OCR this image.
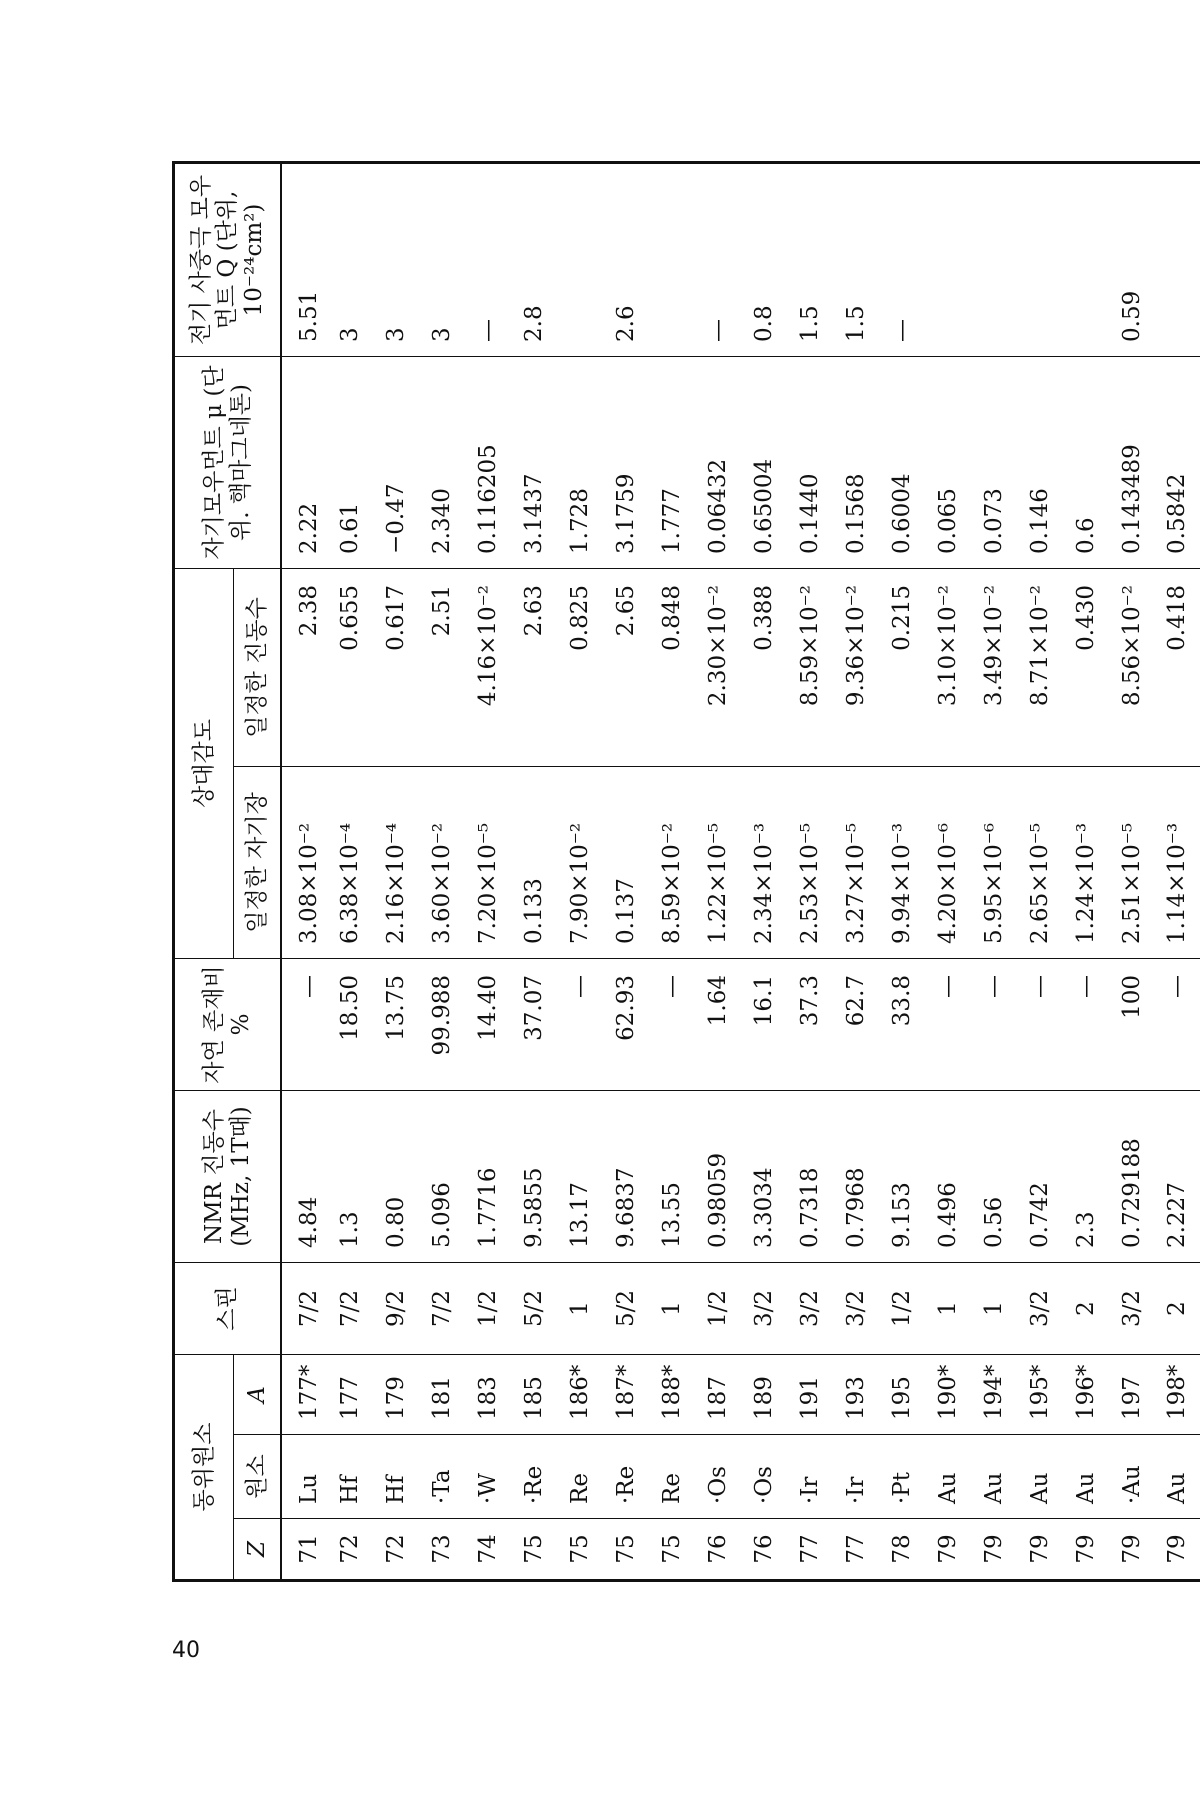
40
동위원소			스핀	NMR 진동수 (MHz, 1T때)	자연 존재비 %	상대감도		자기모우먼트 μ (단위. 핵마그네톤)	전기 사중극 모우먼트 Q (단위, 10⁻²⁴cm²)
Z	원소	A				일정한 자기장	일정한 진동수		
71	Lu	177*	7/2	4.84	—	3.08×10⁻²	2.38	2.22	5.51
72	Hf	177	7/2	1.3	18.50	6.38×10⁻⁴	0.655	0.61	3
72	Hf	179	9/2	0.80	13.75	2.16×10⁻⁴	0.617	−0.47	3
73	·Ta	181	7/2	5.096	99.988	3.60×10⁻²	2.51	2.340	3
74	·W	183	1/2	1.7716	14.40	7.20×10⁻⁵	4.16×10⁻²	0.116205	—
75	·Re	185	5/2	9.5855	37.07	0.133	2.63	3.1437	2.8
75	Re	186*	1	13.17	—	7.90×10⁻²	0.825	1.728	
75	·Re	187*	5/2	9.6837	62.93	0.137	2.65	3.1759	2.6
75	Re	188*	1	13.55	—	8.59×10⁻²	0.848	1.777	
76	·Os	187	1/2	0.98059	1.64	1.22×10⁻⁵	2.30×10⁻²	0.06432	—
76	·Os	189	3/2	3.3034	16.1	2.34×10⁻³	0.388	0.65004	0.8
77	·Ir	191	3/2	0.7318	37.3	2.53×10⁻⁵	8.59×10⁻²	0.1440	1.5
77	·Ir	193	3/2	0.7968	62.7	3.27×10⁻⁵	9.36×10⁻²	0.1568	1.5
78	·Pt	195	1/2	9.153	33.8	9.94×10⁻³	0.215	0.6004	—
79	Au	190*	1	0.496	—	4.20×10⁻⁶	3.10×10⁻²	0.065	
79	Au	194*	1	0.56	—	5.95×10⁻⁶	3.49×10⁻²	0.073	
79	Au	195*	3/2	0.742	—	2.65×10⁻⁵	8.71×10⁻²	0.146	
79	Au	196*	2	2.3	—	1.24×10⁻³	0.430	0.6	
79	·Au	197	3/2	0.729188	100	2.51×10⁻⁵	8.56×10⁻²	0.143489	0.59
79	Au	198*	2	2.227	—	1.14×10⁻³	0.418	0.5842	
